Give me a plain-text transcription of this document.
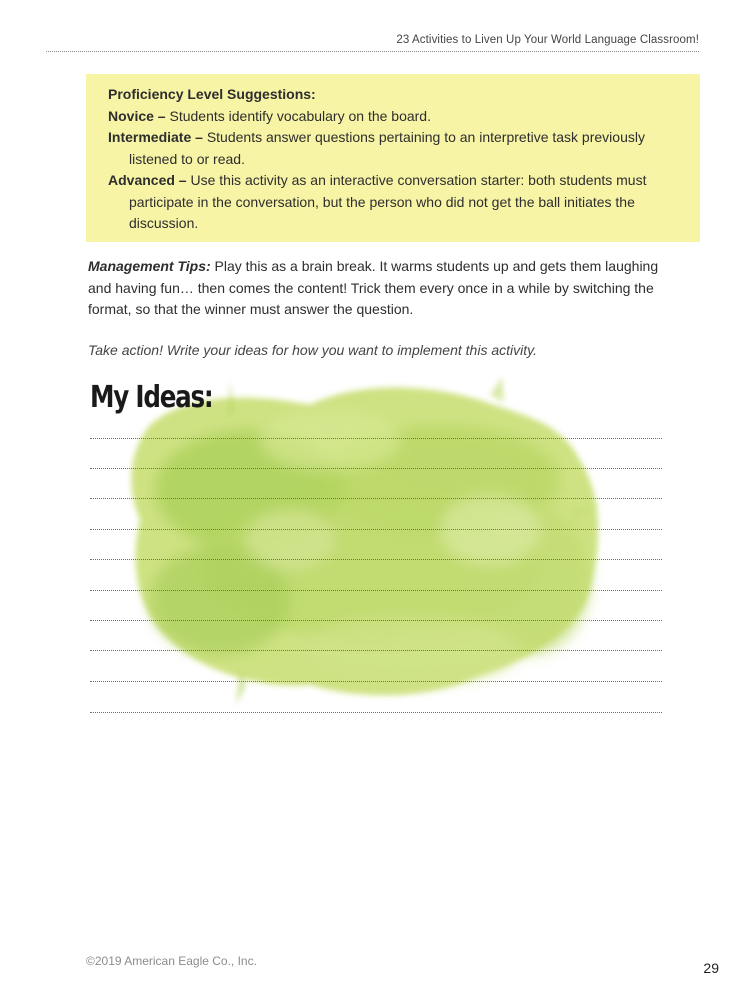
23 Activities to Liven Up Your World Language Classroom!

Proficiency Level Suggestions:

Novice – Students identify vocabulary on the board.

Intermediate – Students answer questions pertaining to an interpretive task previously listened to or read.

Advanced – Use this activity as an interactive conversation starter: both students must participate in the conversation, but the person who did not get the ball initiates the discussion.

Management Tips: Play this as a brain break. It warms students up and gets them laughing and having fun… then comes the content! Trick them every once in a while by switching the format, so that the winner must answer the question.

Take action! Write your ideas for how you want to implement this activity.

My Ideas:
©2019 American Eagle Co., Inc.	29
